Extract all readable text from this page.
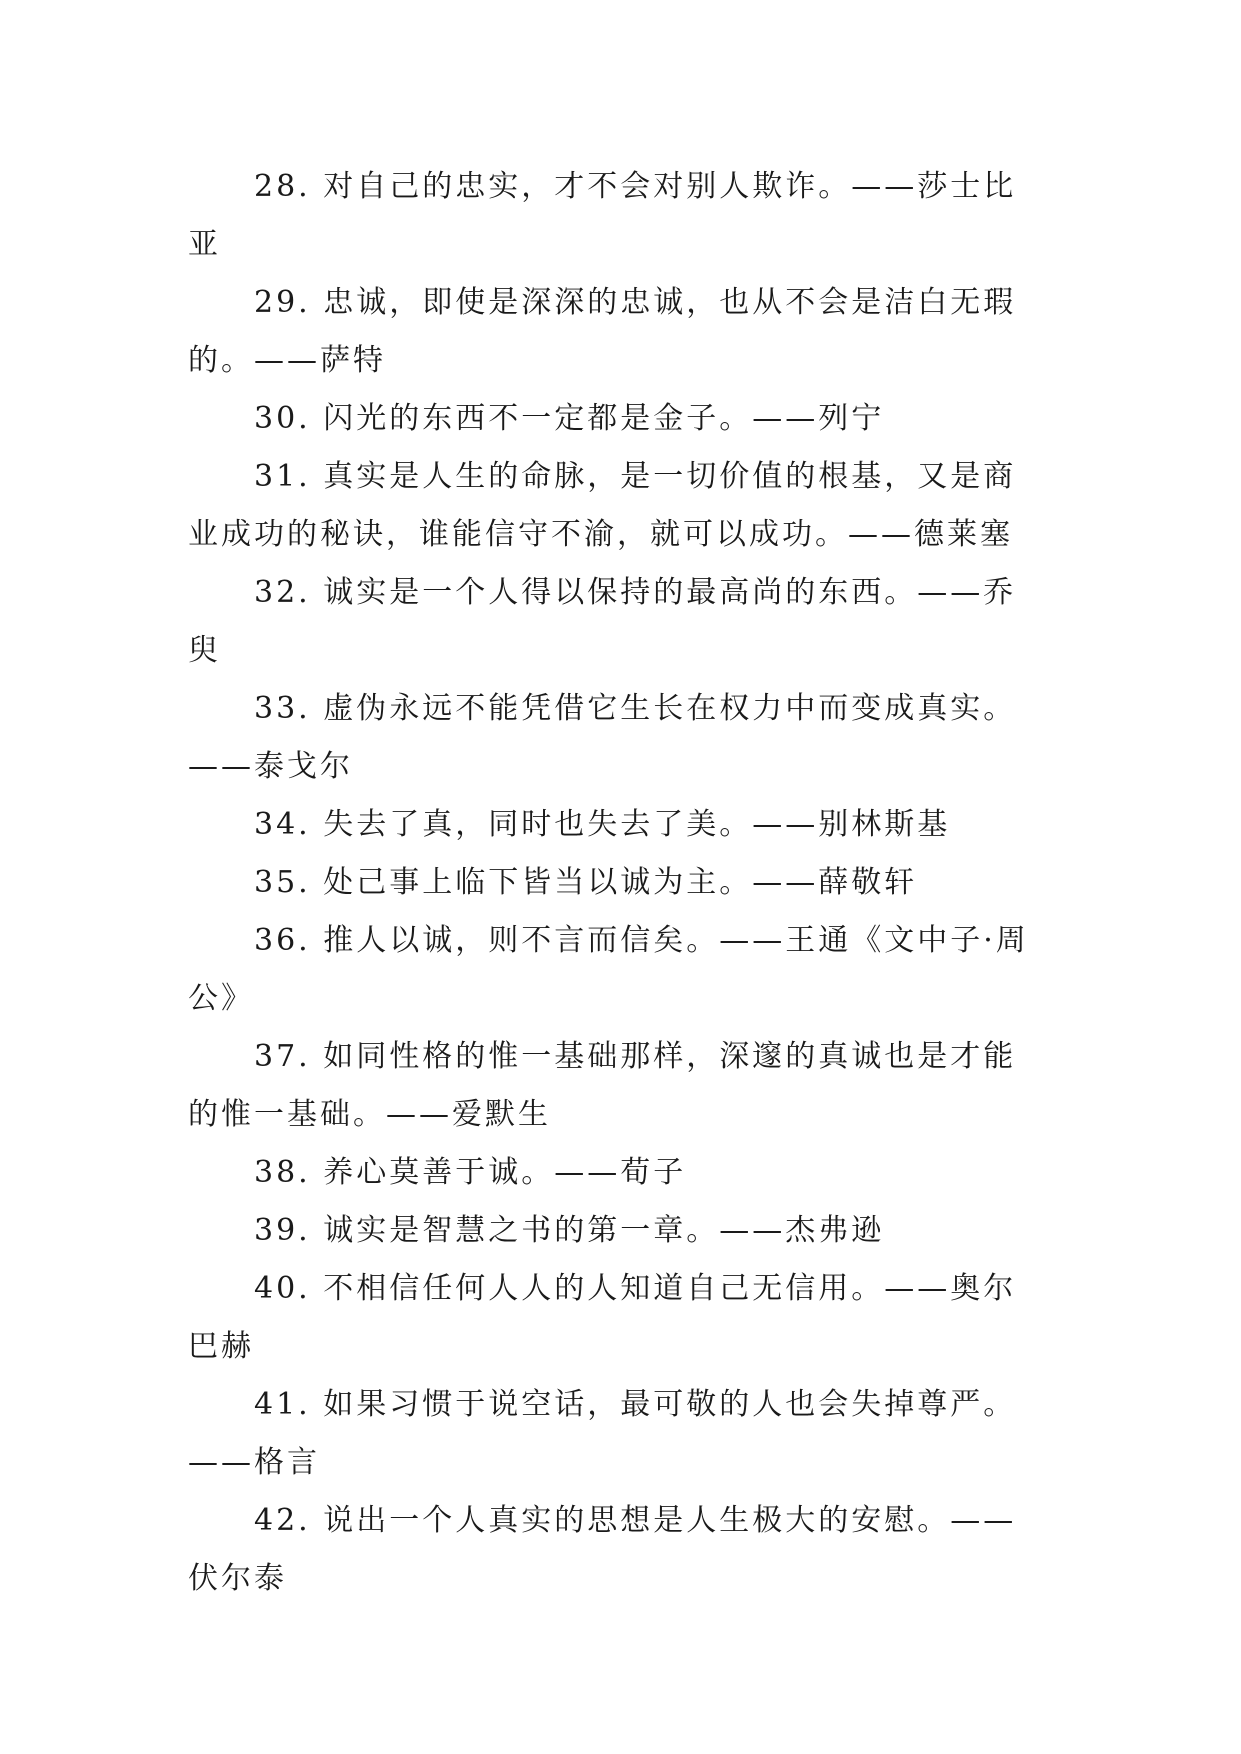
28. 对自己的忠实，才不会对别人欺诈。——莎士比亚

29. 忠诚，即使是深深的忠诚，也从不会是洁白无瑕的。——萨特

30. 闪光的东西不一定都是金子。——列宁

31. 真实是人生的命脉，是一切价值的根基，又是商业成功的秘诀，谁能信守不渝，就可以成功。——德莱塞

32. 诚实是一个人得以保持的最高尚的东西。——乔臾

33. 虚伪永远不能凭借它生长在权力中而变成真实。——泰戈尔

34. 失去了真，同时也失去了美。——别林斯基

35. 处己事上临下皆当以诚为主。——薛敬轩

36. 推人以诚，则不言而信矣。——王通《文中子·周公》

37. 如同性格的惟一基础那样，深邃的真诚也是才能的惟一基础。——爱默生

38. 养心莫善于诚。——荀子

39. 诚实是智慧之书的第一章。——杰弗逊

40. 不相信任何人人的人知道自己无信用。——奥尔巴赫

41. 如果习惯于说空话，最可敬的人也会失掉尊严。——格言

42. 说出一个人真实的思想是人生极大的安慰。——伏尔泰
